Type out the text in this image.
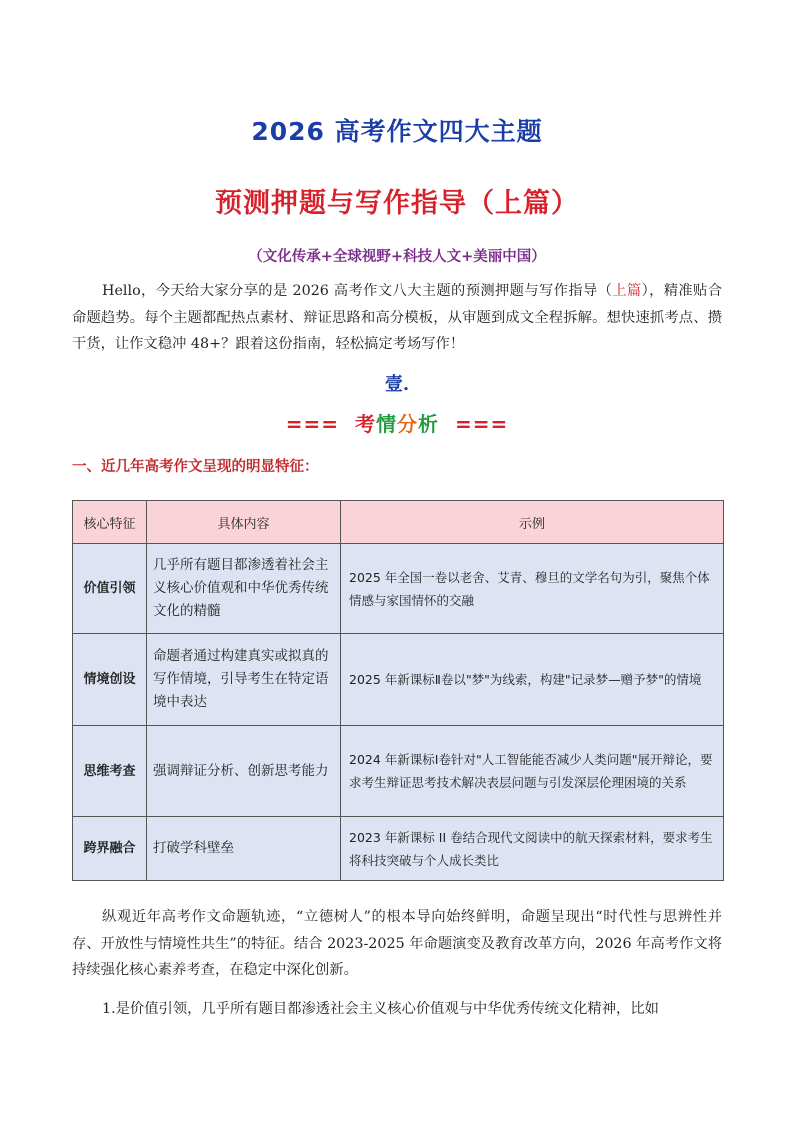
2026 高考作文四大主题
预测押题与写作指导（上篇）
（文化传承+全球视野+科技人文+美丽中国）

Hello，今天给大家分享的是 2026 高考作文八大主题的预测押题与写作指导（上篇），精准贴合命题趋势。每个主题都配热点素材、辩证思路和高分模板，从审题到成文全程拆解。想快速抓考点、攒干货，让作文稳冲 48+？跟着这份指南，轻松搞定考场写作！

壹.
=== 考情分析 ===
一、近几年高考作文呈现的明显特征：
核心特征	具体内容	示例
价值引领	几乎所有题目都渗透着社会主义核心价值观和中华优秀传统文化的精髓	2025 年全国一卷以老舍、艾青、穆旦的文学名句为引，聚焦个体情感与家国情怀的交融
情境创设	命题者通过构建真实或拟真的写作情境，引导考生在特定语境中表达	2025 年新课标Ⅱ卷以"梦"为线索，构建"记录梦—赠予梦"的情境
思维考查	强调辩证分析、创新思考能力	2024 年新课标Ⅰ卷针对"人工智能能否减少人类问题"展开辩论，要求考生辩证思考技术解决表层问题与引发深层伦理困境的关系
跨界融合	打破学科壁垒	2023 年新课标 II 卷结合现代文阅读中的航天探索材料，要求考生将科技突破与个人成长类比

纵观近年高考作文命题轨迹，“立德树人”的根本导向始终鲜明，命题呈现出“时代性与思辨性并存、开放性与情境性共生”的特征。结合 2023-2025 年命题演变及教育改革方向，2026 年高考作文将持续强化核心素养考查，在稳定中深化创新。

1.是价值引领，几乎所有题目都渗透社会主义核心价值观与中华优秀传统文化精神，比如
